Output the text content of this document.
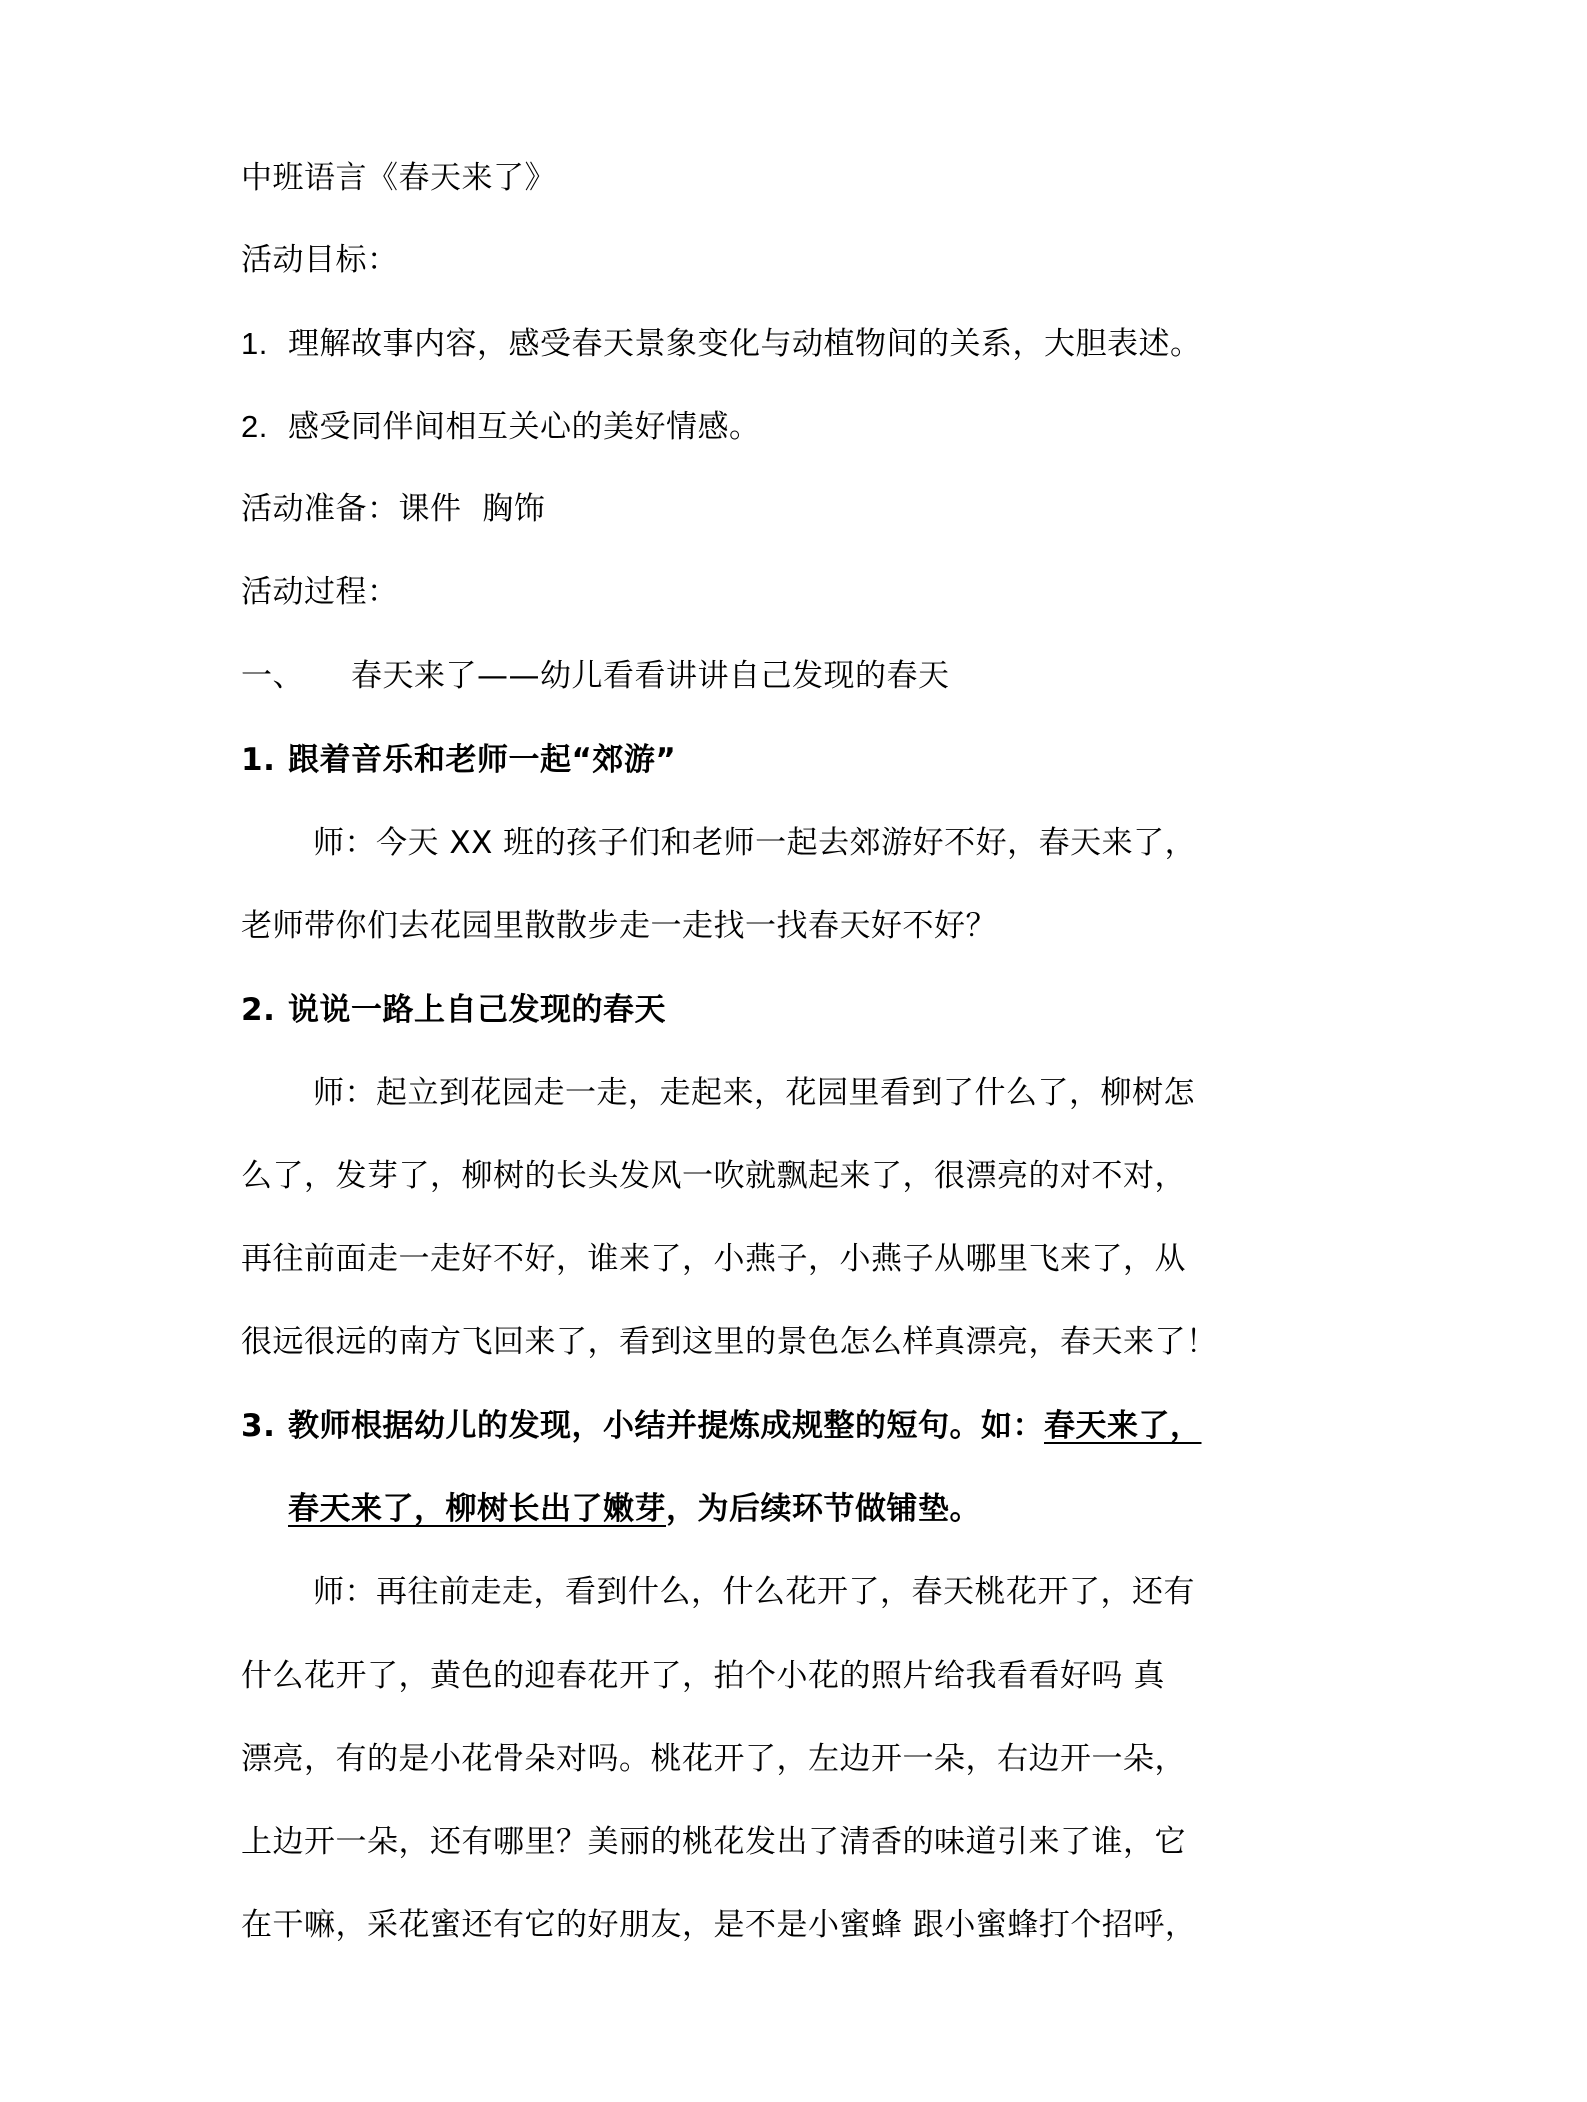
中班语言《春天来了》
活动目标：
1. 理解故事内容，感受春天景象变化与动植物间的关系，大胆表述。
2. 感受同伴间相互关心的美好情感。
活动准备：课件  胸饰
活动过程：
一、 春天来了——幼儿看看讲讲自己发现的春天
1. 跟着音乐和老师一起“郊游”
师：今天 XX 班的孩子们和老师一起去郊游好不好，春天来了，
老师带你们去花园里散散步走一走找一找春天好不好？
2. 说说一路上自己发现的春天
师：起立到花园走一走，走起来，花园里看到了什么了，柳树怎
么了，发芽了，柳树的长头发风一吹就飘起来了，很漂亮的对不对，
再往前面走一走好不好，谁来了，小燕子，小燕子从哪里飞来了，从
很远很远的南方飞回来了，看到这里的景色怎么样真漂亮，春天来了！
3. 教师根据幼儿的发现，小结并提炼成规整的短句。如：春天来了，
春天来了，柳树长出了嫩芽，为后续环节做铺垫。
师：再往前走走，看到什么，什么花开了，春天桃花开了，还有
什么花开了，黄色的迎春花开了，拍个小花的照片给我看看好吗 真
漂亮，有的是小花骨朵对吗。桃花开了，左边开一朵，右边开一朵，
上边开一朵，还有哪里？美丽的桃花发出了清香的味道引来了谁，它
在干嘛，采花蜜还有它的好朋友，是不是小蜜蜂 跟小蜜蜂打个招呼，
